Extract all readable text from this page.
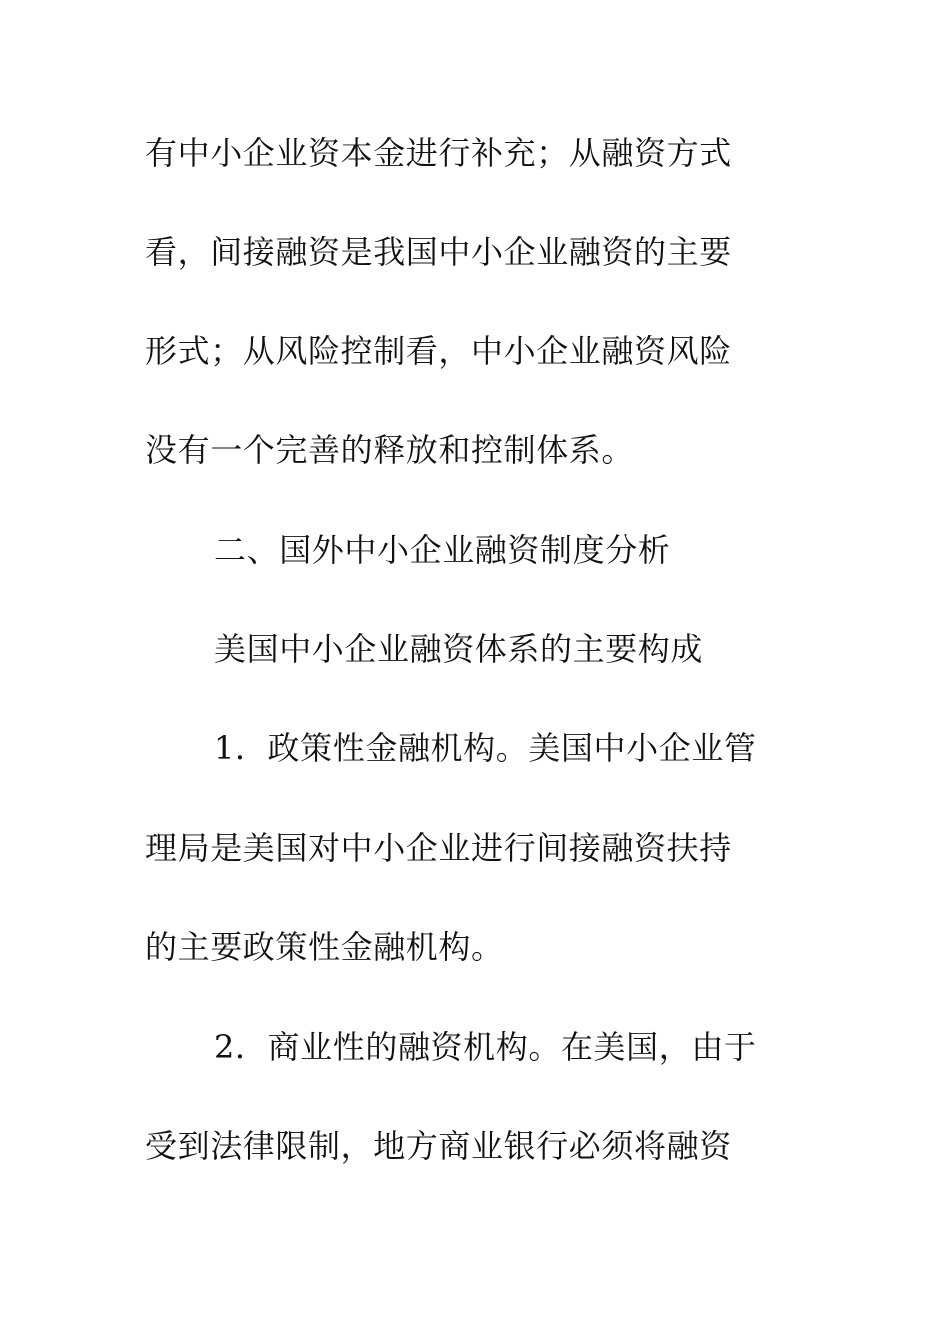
有中小企业资本金进行补充；从融资方式
看，间接融资是我国中小企业融资的主要
形式；从风险控制看，中小企业融资风险
没有一个完善的释放和控制体系。
二、国外中小企业融资制度分析
美国中小企业融资体系的主要构成
1．政策性金融机构。美国中小企业管
理局是美国对中小企业进行间接融资扶持
的主要政策性金融机构。
2．商业性的融资机构。在美国，由于
受到法律限制，地方商业银行必须将融资
